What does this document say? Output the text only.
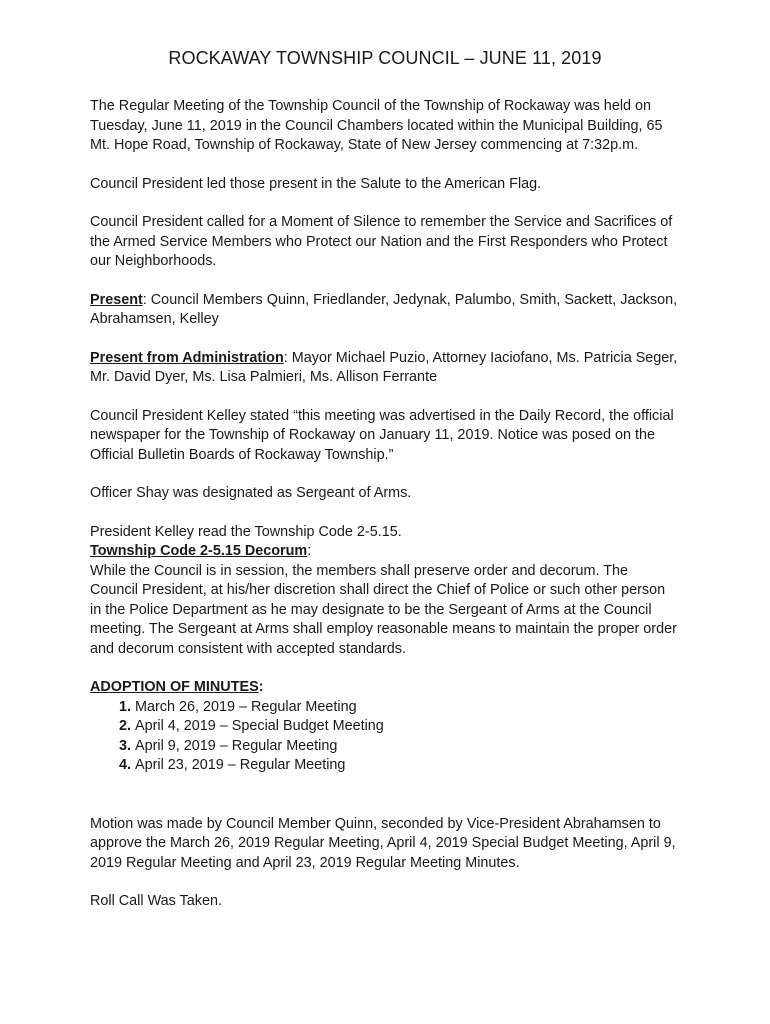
ROCKAWAY TOWNSHIP COUNCIL – JUNE 11, 2019

The Regular Meeting of the Township Council of the Township of Rockaway was held on Tuesday, June 11, 2019 in the Council Chambers located within the Municipal Building, 65 Mt. Hope Road, Township of Rockaway, State of New Jersey commencing at 7:32p.m.

Council President led those present in the Salute to the American Flag.

Council President called for a Moment of Silence to remember the Service and Sacrifices of the Armed Service Members who Protect our Nation and the First Responders who Protect our Neighborhoods.

Present: Council Members Quinn, Friedlander, Jedynak, Palumbo, Smith, Sackett, Jackson, Abrahamsen, Kelley

Present from Administration: Mayor Michael Puzio, Attorney Iaciofano, Ms. Patricia Seger, Mr. David Dyer, Ms. Lisa Palmieri, Ms. Allison Ferrante

Council President Kelley stated “this meeting was advertised in the Daily Record, the official newspaper for the Township of Rockaway on January 11, 2019. Notice was posed on the Official Bulletin Boards of Rockaway Township.”

Officer Shay was designated as Sergeant of Arms.

President Kelley read the Township Code 2-5.15.

Township Code 2-5.15 Decorum:

While the Council is in session, the members shall preserve order and decorum. The Council President, at his/her discretion shall direct the Chief of Police or such other person in the Police Department as he may designate to be the Sergeant of Arms at the Council meeting. The Sergeant at Arms shall employ reasonable means to maintain the proper order and decorum consistent with accepted standards.

ADOPTION OF MINUTES:

1. March 26, 2019 – Regular Meeting
2. April 4, 2019 – Special Budget Meeting
3. April 9, 2019 – Regular Meeting
4. April 23, 2019 – Regular Meeting

Motion was made by Council Member Quinn, seconded by Vice-President Abrahamsen to approve the March 26, 2019 Regular Meeting, April 4, 2019 Special Budget Meeting, April 9, 2019 Regular Meeting and April 23, 2019 Regular Meeting Minutes.

Roll Call Was Taken.
